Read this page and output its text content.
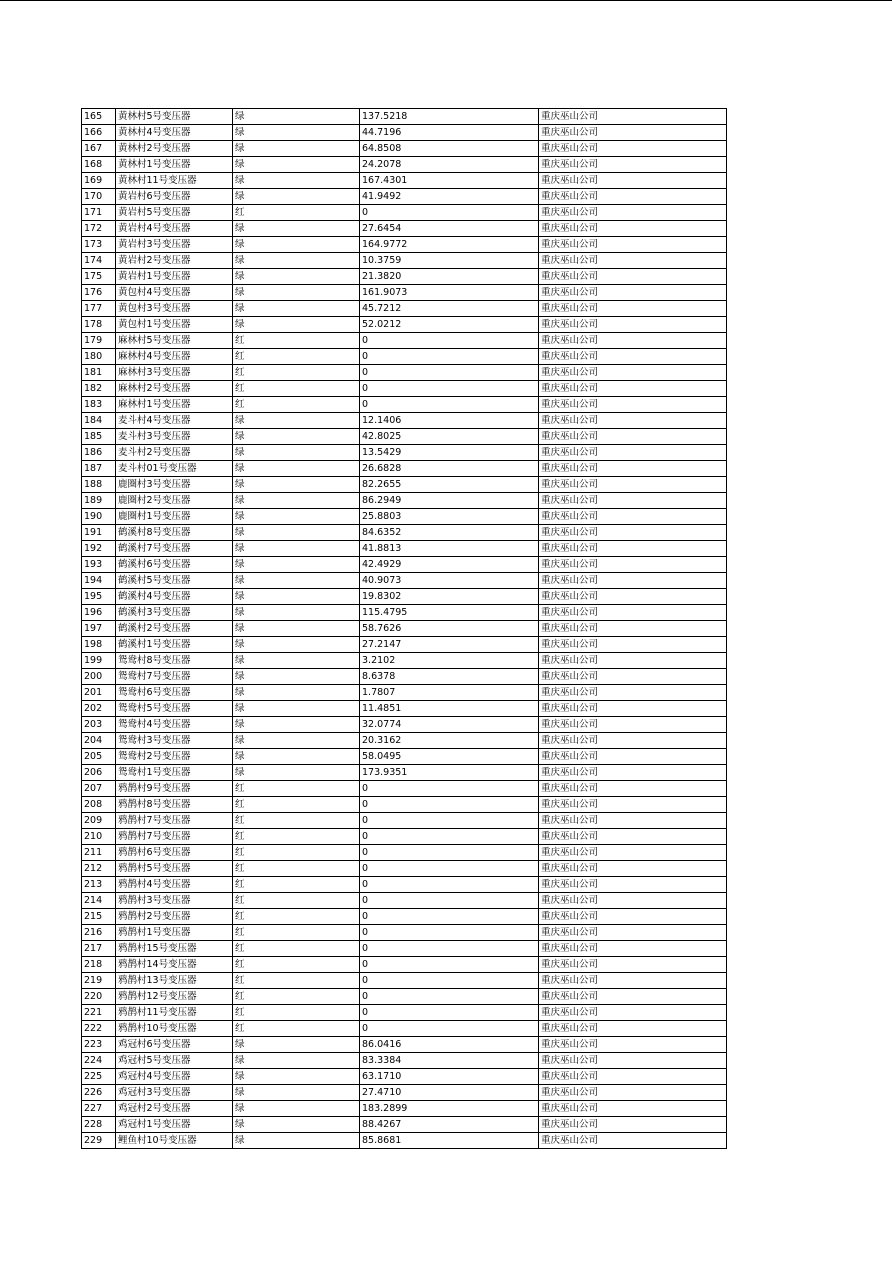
165	黄林村5号变压器	绿	137.5218	重庆巫山公司
166	黄林村4号变压器	绿	44.7196	重庆巫山公司
167	黄林村2号变压器	绿	64.8508	重庆巫山公司
168	黄林村1号变压器	绿	24.2078	重庆巫山公司
169	黄林村11号变压器	绿	167.4301	重庆巫山公司
170	黄岩村6号变压器	绿	41.9492	重庆巫山公司
171	黄岩村5号变压器	红	0	重庆巫山公司
172	黄岩村4号变压器	绿	27.6454	重庆巫山公司
173	黄岩村3号变压器	绿	164.9772	重庆巫山公司
174	黄岩村2号变压器	绿	10.3759	重庆巫山公司
175	黄岩村1号变压器	绿	21.3820	重庆巫山公司
176	黄包村4号变压器	绿	161.9073	重庆巫山公司
177	黄包村3号变压器	绿	45.7212	重庆巫山公司
178	黄包村1号变压器	绿	52.0212	重庆巫山公司
179	麻林村5号变压器	红	0	重庆巫山公司
180	麻林村4号变压器	红	0	重庆巫山公司
181	麻林村3号变压器	红	0	重庆巫山公司
182	麻林村2号变压器	红	0	重庆巫山公司
183	麻林村1号变压器	红	0	重庆巫山公司
184	麦斗村4号变压器	绿	12.1406	重庆巫山公司
185	麦斗村3号变压器	绿	42.8025	重庆巫山公司
186	麦斗村2号变压器	绿	13.5429	重庆巫山公司
187	麦斗村01号变压器	绿	26.6828	重庆巫山公司
188	鹿圈村3号变压器	绿	82.2655	重庆巫山公司
189	鹿圈村2号变压器	绿	86.2949	重庆巫山公司
190	鹿圈村1号变压器	绿	25.8803	重庆巫山公司
191	鹤溪村8号变压器	绿	84.6352	重庆巫山公司
192	鹤溪村7号变压器	绿	41.8813	重庆巫山公司
193	鹤溪村6号变压器	绿	42.4929	重庆巫山公司
194	鹤溪村5号变压器	绿	40.9073	重庆巫山公司
195	鹤溪村4号变压器	绿	19.8302	重庆巫山公司
196	鹤溪村3号变压器	绿	115.4795	重庆巫山公司
197	鹤溪村2号变压器	绿	58.7626	重庆巫山公司
198	鹤溪村1号变压器	绿	27.2147	重庆巫山公司
199	鸳鸯村8号变压器	绿	3.2102	重庆巫山公司
200	鸳鸯村7号变压器	绿	8.6378	重庆巫山公司
201	鸳鸯村6号变压器	绿	1.7807	重庆巫山公司
202	鸳鸯村5号变压器	绿	11.4851	重庆巫山公司
203	鸳鸯村4号变压器	绿	32.0774	重庆巫山公司
204	鸳鸯村3号变压器	绿	20.3162	重庆巫山公司
205	鸳鸯村2号变压器	绿	58.0495	重庆巫山公司
206	鸳鸯村1号变压器	绿	173.9351	重庆巫山公司
207	鸦鹊村9号变压器	红	0	重庆巫山公司
208	鸦鹊村8号变压器	红	0	重庆巫山公司
209	鸦鹊村7号变压器	红	0	重庆巫山公司
210	鸦鹊村7号变压器	红	0	重庆巫山公司
211	鸦鹊村6号变压器	红	0	重庆巫山公司
212	鸦鹊村5号变压器	红	0	重庆巫山公司
213	鸦鹊村4号变压器	红	0	重庆巫山公司
214	鸦鹊村3号变压器	红	0	重庆巫山公司
215	鸦鹊村2号变压器	红	0	重庆巫山公司
216	鸦鹊村1号变压器	红	0	重庆巫山公司
217	鸦鹊村15号变压器	红	0	重庆巫山公司
218	鸦鹊村14号变压器	红	0	重庆巫山公司
219	鸦鹊村13号变压器	红	0	重庆巫山公司
220	鸦鹊村12号变压器	红	0	重庆巫山公司
221	鸦鹊村11号变压器	红	0	重庆巫山公司
222	鸦鹊村10号变压器	红	0	重庆巫山公司
223	鸡冠村6号变压器	绿	86.0416	重庆巫山公司
224	鸡冠村5号变压器	绿	83.3384	重庆巫山公司
225	鸡冠村4号变压器	绿	63.1710	重庆巫山公司
226	鸡冠村3号变压器	绿	27.4710	重庆巫山公司
227	鸡冠村2号变压器	绿	183.2899	重庆巫山公司
228	鸡冠村1号变压器	绿	88.4267	重庆巫山公司
229	鲤鱼村10号变压器	绿	85.8681	重庆巫山公司
